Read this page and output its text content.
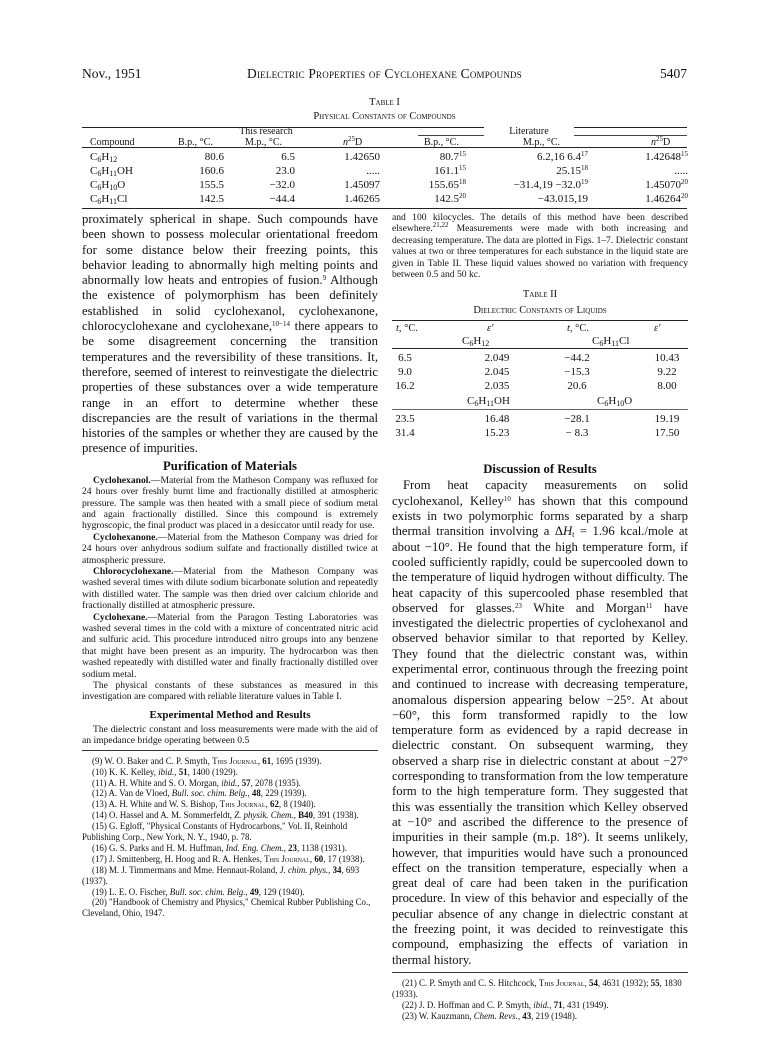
Nov., 1951	Dielectric Properties of Cyclohexane Compounds	5407
Table I
Physical Constants of Compounds
Literature
This research
Compound	B.p., °C.	M.p., °C.	$n^{25}D$	B.p., °C.	M.p., °C.	$n^{25}D$
$C_6H_{12}$	80.6	6.5	1.42650	80.7$^{15}$	6.2,16 $6.4^{17}$	1.42648$^{15}$
$C_6H_{11}OH$	160.6	23.0	.....	161.1$^{15}$	25.15$^{18}$	.....
$C_6H_{10}O$	155.5	−32.0	1.45097	$155.65^{18}$	$-31.4,19 -32.0^{19}$	1.45070$^{20}$
$C_6H_{11}Cl$	142.5	−44.4	1.46265	$142.5^{20}$	−43.015,19	1.46264$^{20}$

proximately spherical in shape. Such compounds have been shown to possess molecular orientational freedom for some distance below their freezing points, this behavior leading to abnormally high melting points and abnormally low heats and entropies of fusion.$^9$ Although the existence of polymorphism has been definitely established in solid cyclohexanol, cyclohexanone, chlorocyclohexane and cyclohexane,$^{10-14}$ there appears to be some disagreement concerning the transition temperatures and the reversibility of these transitions. It, therefore, seemed of interest to reinvestigate the dielectric properties of these substances over a wide temperature range in an effort to determine whether these discrepancies are the result of variations in the thermal histories of the samples or whether they are caused by the presence of impurities.

Purification of Materials

Cyclohexanol.—Material from the Matheson Company was refluxed for 24 hours over freshly burnt lime and fractionally distilled at atmospheric pressure. The sample was then heated with a small piece of sodium metal and again fractionally distilled. Since this compound is extremely hygroscopic, the final product was placed in a desiccator until ready for use.

Cyclohexanone.—Material from the Matheson Company was dried for 24 hours over anhydrous sodium sulfate and fractionally distilled twice at atmospheric pressure.

Chlorocyclohexane.—Material from the Matheson Company was washed several times with dilute sodium bicarbonate solution and repeatedly with distilled water. The sample was then dried over calcium chloride and fractionally distilled at atmospheric pressure.

Cyclohexane.—Material from the Paragon Testing Laboratories was washed several times in the cold with a mixture of concentrated nitric acid and sulfuric acid. This procedure introduced nitro groups into any benzene that might have been present as an impurity. The hydrocarbon was then washed repeatedly with distilled water and finally fractionally distilled over sodium metal.

The physical constants of these substances as measured in this investigation are compared with reliable literature values in Table I.

Experimental Method and Results

The dielectric constant and loss measurements were made with the aid of an impedance bridge operating between 0.5

(9) W. O. Baker and C. P. Smyth, This Journal, 61, 1695 (1939).

(10) K. K. Kelley, ibid., 51, 1400 (1929).

(11) A. H. White and S. O. Morgan, ibid., 57, 2078 (1935).

(12) A. Van de Vloed, Bull. soc. chim. Belg., 48, 229 (1939).

(13) A. H. White and W. S. Bishop, This Journal, 62, 8 (1940).

(14) O. Hassel and A. M. Sommerfeldt, Z. physik. Chem., B40, 391 (1938).

(15) G. Egloff, "Physical Constants of Hydrocarbons," Vol. II, Reinhold Publishing Corp., New York, N. Y., 1940, p. 78.

(16) G. S. Parks and H. M. Huffman, Ind. Eng. Chem., 23, 1138 (1931).

(17) J. Smittenberg, H. Hoog and R. A. Henkes, This Journal, 60, 17 (1938).

(18) M. J. Timmermans and Mme. Hennaut-Roland, J. chim. phys., 34, 693 (1937).

(19) L. E. O. Fischer, Bull. soc. chim. Belg., 49, 129 (1940).

(20) "Handbook of Chemistry and Physics," Chemical Rubber Publishing Co., Cleveland, Ohio, 1947.

and 100 kilocycles. The details of this method have been described elsewhere.$^{21,22}$ Measurements were made with both increasing and decreasing temperature. The data are plotted in Figs. 1–7. Dielectric constant values at two or three temperatures for each substance in the liquid state are given in Table II. These liquid values showed no variation with frequency between 0.5 and 50 kc.

Table II
Dielectric Constants of Liquids
t, °C.	ε′	t, °C.	ε′
$C_6H_{12}$	$C_6H_{11}Cl$
6.5	2.049	−44.2	10.43
9.0	2.045	−15.3	9.22
16.2	2.035	20.6	8.00
$C_6H_{11}OH$	$C_6H_{10}O$
23.5	16.48	−28.1	19.19
31.4	15.23	− 8.3	17.50
Discussion of Results

From heat capacity measurements on solid cyclohexanol, Kelley$^{10}$ has shown that this compound exists in two polymorphic forms separated by a sharp thermal transition involving a $\Delta H_t = 1.96$ kcal./mole at about −10°. He found that the high temperature form, if cooled sufficiently rapidly, could be supercooled down to the temperature of liquid hydrogen without difficulty. The heat capacity of this supercooled phase resembled that observed for glasses.$^{23}$ White and Morgan$^{11}$ have investigated the dielectric properties of cyclohexanol and observed behavior similar to that reported by Kelley. They found that the dielectric constant was, within experimental error, continuous through the freezing point and continued to increase with decreasing temperature, anomalous dispersion appearing below −25°. At about −60°, this form transformed rapidly to the low temperature form as evidenced by a rapid decrease in dielectric constant. On subsequent warming, they observed a sharp rise in dielectric constant at about −27° corresponding to transformation from the low temperature form to the high temperature form. They suggested that this was essentially the transition which Kelley observed at −10° and ascribed the difference to the presence of impurities in their sample (m.p. 18°). It seems unlikely, however, that impurities would have such a pronounced effect on the transition temperature, especially when a great deal of care had been taken in the purification procedure. In view of this behavior and especially of the peculiar absence of any change in dielectric constant at the freezing point, it was decided to reinvestigate this compound, emphasizing the effects of variation in thermal history.

(21) C. P. Smyth and C. S. Hitchcock, This Journal, 54, 4631 (1932); 55, 1830 (1933).

(22) J. D. Hoffman and C. P. Smyth, ibid., 71, 431 (1949).

(23) W. Kauzmann, Chem. Revs., 43, 219 (1948).
